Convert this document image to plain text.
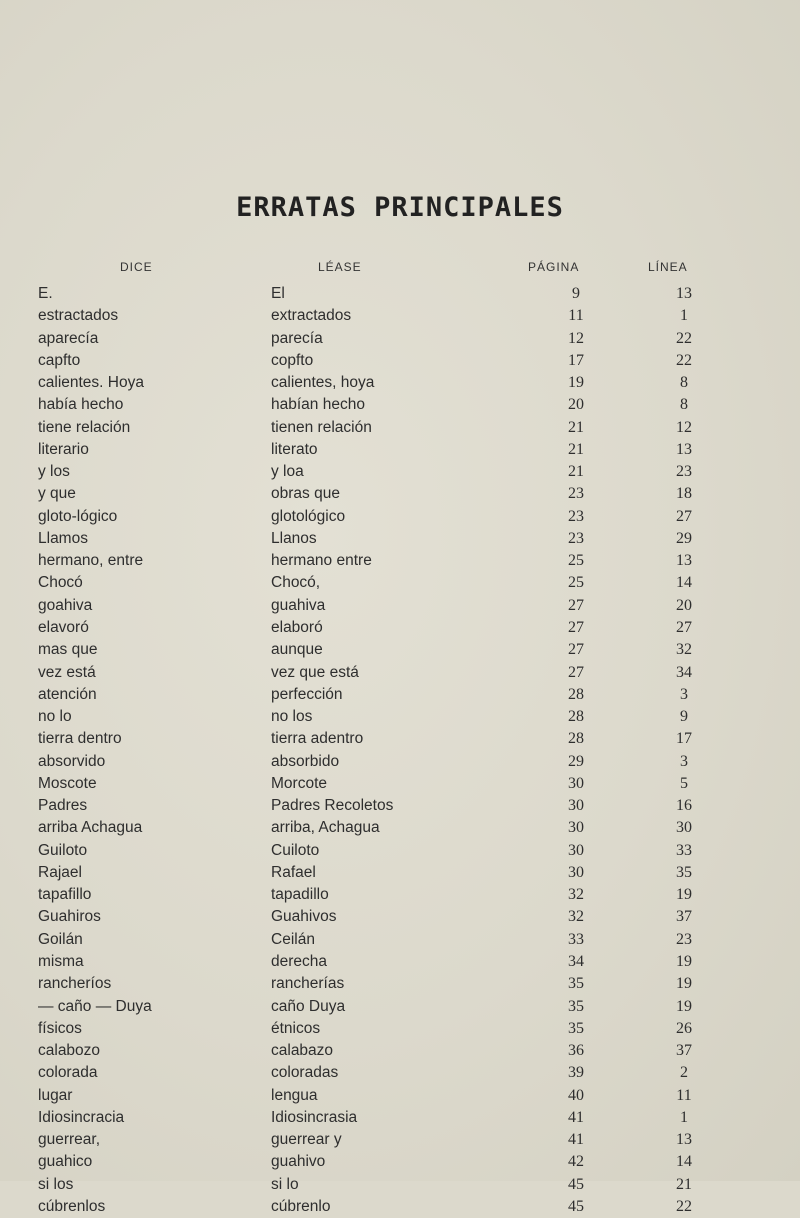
ERRATAS PRINCIPALES
DICE	LÉASE	PÁGINA	LÍNEA
E.	El	9	13
estractados	extractados	11	1
aparecía	parecía	12	22
capfto	copfto	17	22
calientes. Hoya	calientes, hoya	19	8
había hecho	habían hecho	20	8
tiene relación	tienen relación	21	12
literario	literato	21	13
y los	y loa	21	23
y que	obras que	23	18
gloto-lógico	glotológico	23	27
Llamos	Llanos	23	29
hermano, entre	hermano entre	25	13
Chocó	Chocó,	25	14
goahiva	guahiva	27	20
elavoró	elaboró	27	27
mas que	aunque	27	32
vez está	vez que está	27	34
atención	perfección	28	3
no lo	no los	28	9
tierra dentro	tierra adentro	28	17
absorvido	absorbido	29	3
Moscote	Morcote	30	5
Padres	Padres Recoletos	30	16
arriba Achagua	arriba, Achagua	30	30
Guiloto	Cuiloto	30	33
Rajael	Rafael	30	35
tapafillo	tapadillo	32	19
Guahiros	Guahivos	32	37
Goilán	Ceilán	33	23
misma	derecha	34	19
rancheríos	rancherías	35	19
— caño — Duya	caño Duya	35	19
físicos	étnicos	35	26
calabozo	calabazo	36	37
colorada	coloradas	39	2
lugar	lengua	40	11
Idiosincracia	Idiosincrasia	41	1
guerrear,	guerrear y	41	13
guahico	guahivo	42	14
si los	si lo	45	21
cúbrenlos	cúbrenlo	45	22
